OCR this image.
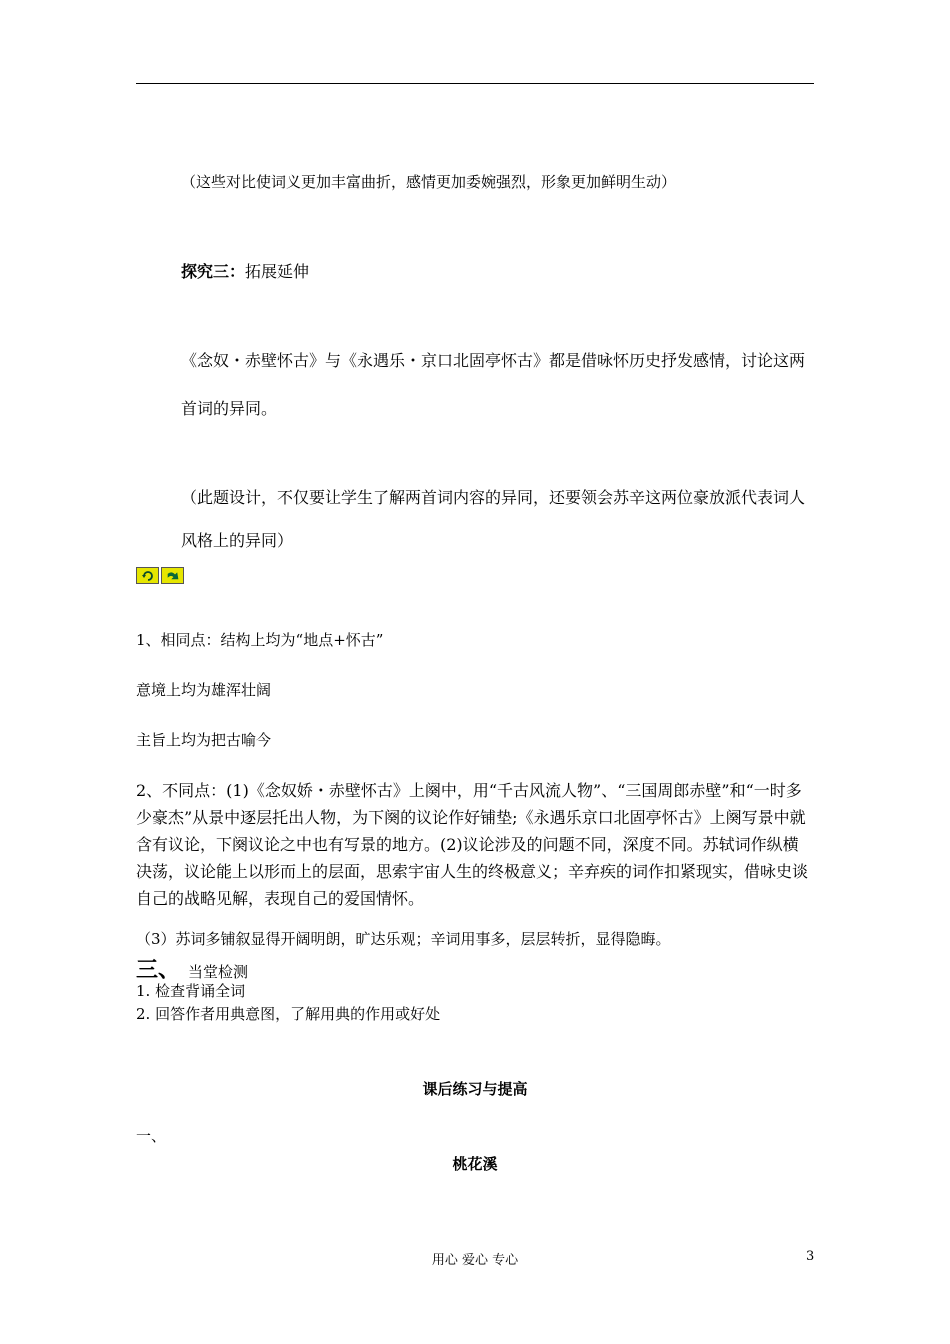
（这些对比使词义更加丰富曲折，感情更加委婉强烈，形象更加鲜明生动）
探究三：拓展延伸
《念奴・赤壁怀古》与《永遇乐・京口北固亭怀古》都是借咏怀历史抒发感情，讨论这两
首词的异同。
（此题设计，不仅要让学生了解两首词内容的异同，还要领会苏辛这两位豪放派代表词人
风格上的异同）
1、相同点：结构上均为“地点+怀古”
意境上均为雄浑壮阔
主旨上均为把古喻今
2、不同点：(1)《念奴娇・赤壁怀古》上阕中，用“千古风流人物”、“三国周郎赤壁”和“一时多少豪杰”从景中逐层托出人物，为下阕的议论作好铺垫;《永遇乐京口北固亭怀古》上阕写景中就含有议论，下阕议论之中也有写景的地方。(2)议论涉及的问题不同，深度不同。苏轼词作纵横决荡，议论能上以形而上的层面，思索宇宙人生的终极意义；辛弃疾的词作扣紧现实，借咏史谈自己的战略见解，表现自己的爱国情怀。
（3）苏词多铺叙显得开阔明朗，旷达乐观；辛词用事多，层层转折，显得隐晦。
三、 当堂检测
1. 检查背诵全词
2. 回答作者用典意图，了解用典的作用或好处
课后练习与提高
一、
桃花溪
用心 爱心 专心	3
